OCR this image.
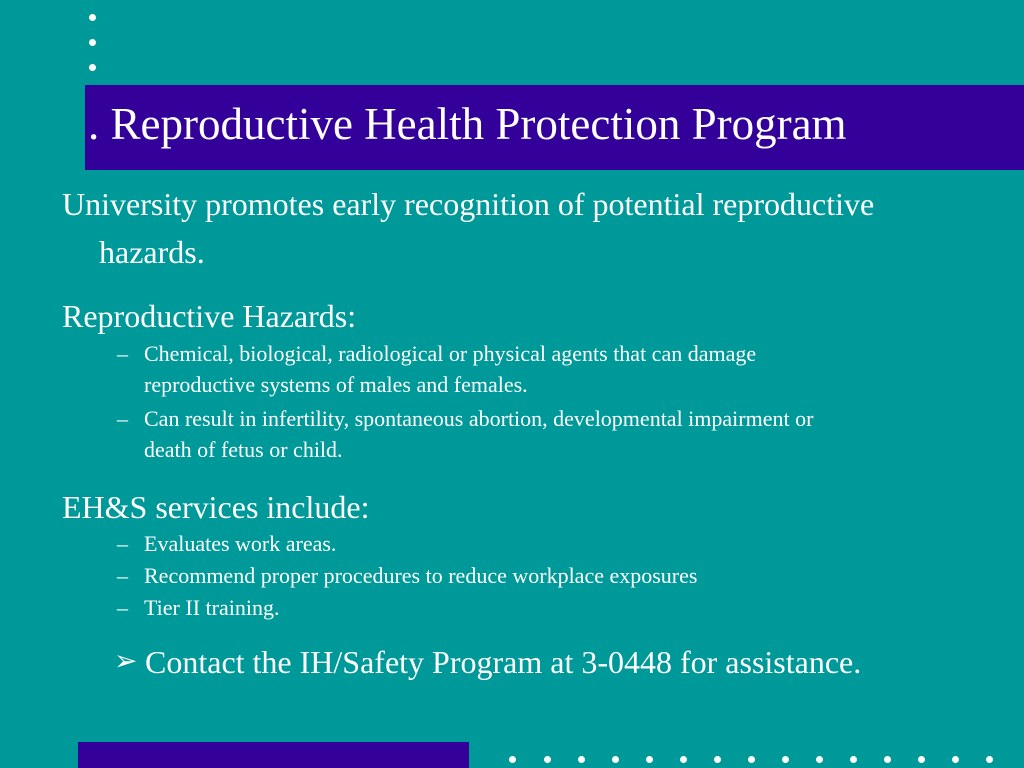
. Reproductive Health Protection Program

University promotes early recognition of potential reproductive hazards.

Reproductive Hazards:

– Chemical, biological, radiological or physical agents that can damage reproductive systems of males and females.
– Can result in infertility, spontaneous abortion, developmental impairment or death of fetus or child.

EH&S services include:

– Evaluates work areas.
– Recommend proper procedures to reduce workplace exposures
– Tier II training.
➢ Contact the IH/Safety Program at 3-0448 for assistance.
